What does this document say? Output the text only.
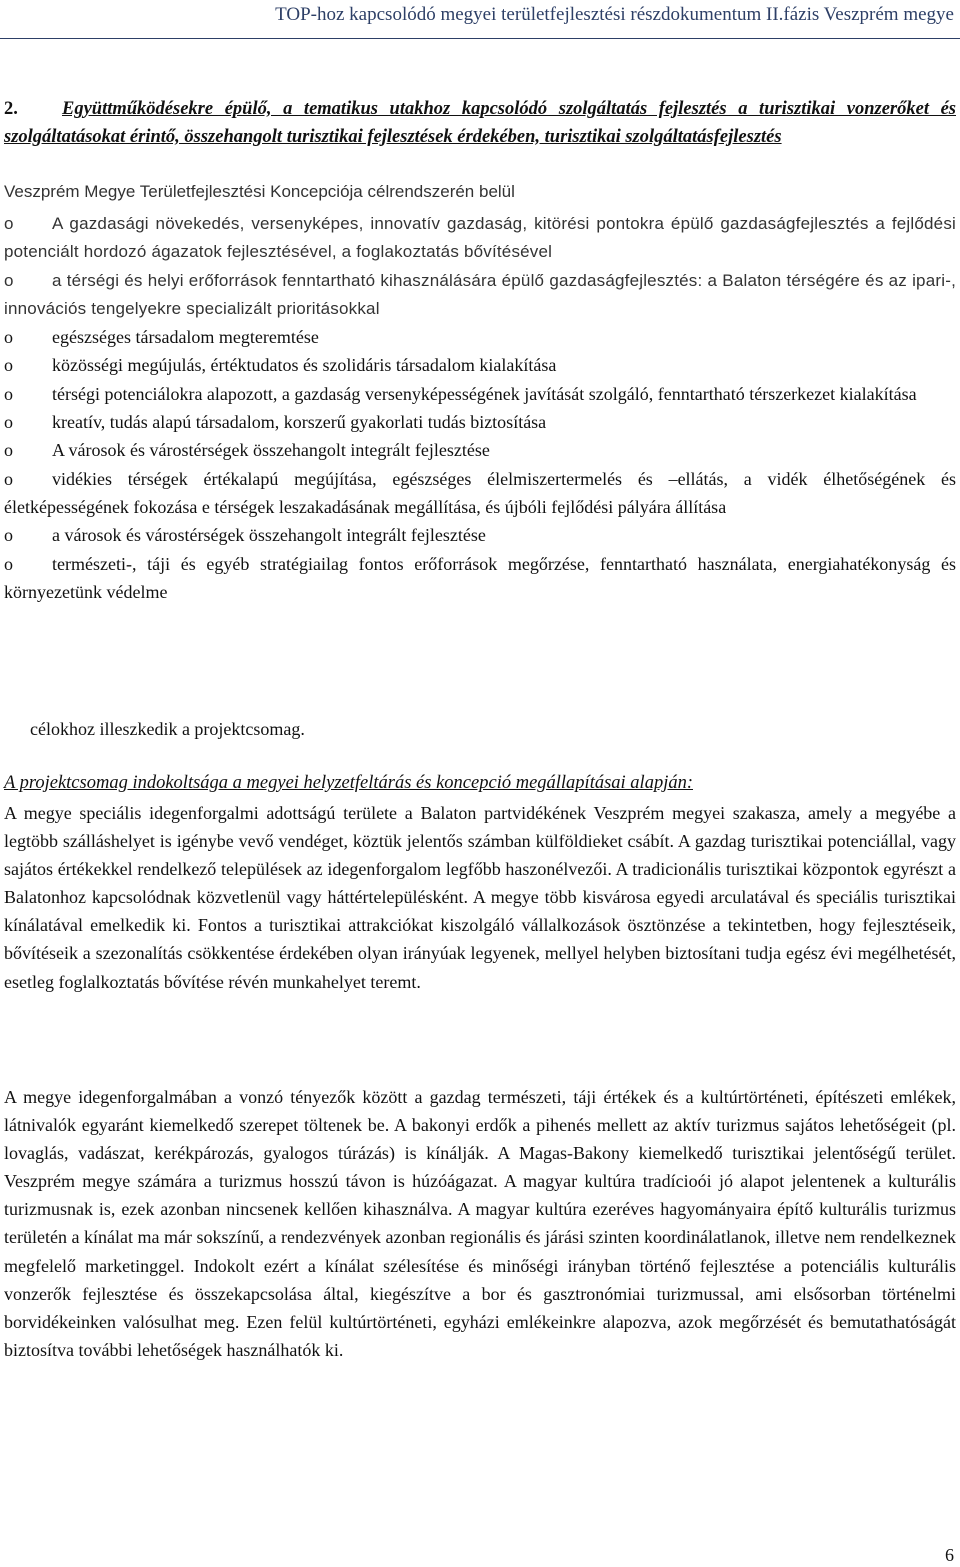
TOP-hoz kapcsolódó megyei területfejlesztési részdokumentum II.fázis Veszprém megye
2. Együttműködésekre épülő, a tematikus utakhoz kapcsolódó szolgáltatás fejlesztés a turisztikai vonzerőket és szolgáltatásokat érintő, összehangolt turisztikai fejlesztések érdekében, turisztikai szolgáltatásfejlesztés
Veszprém Megye Területfejlesztési Koncepciója célrendszerén belül
o A gazdasági növekedés, versenyképes, innovatív gazdaság, kitörési pontokra épülő gazdaságfejlesztés a fejlődési potenciált hordozó ágazatok fejlesztésével, a foglakoztatás bővítésével
o a térségi és helyi erőforrások fenntartható kihasználására épülő gazdaságfejlesztés: a Balaton térségére és az ipari-, innovációs tengelyekre specializált prioritásokkal
o egészséges társadalom megteremtése
o közösségi megújulás, értéktudatos és szolidáris társadalom kialakítása
o térségi potenciálokra alapozott, a gazdaság versenyképességének javítását szolgáló, fenntartható térszerkezet kialakítása
o kreatív, tudás alapú társadalom, korszerű gyakorlati tudás biztosítása
o A városok és várostérségek összehangolt integrált fejlesztése
o vidékies térségek értékalapú megújítása, egészséges élelmiszertermelés és –ellátás, a vidék élhetőségének és életképességének fokozása e térségek leszakadásának megállítása, és újbóli fejlődési pályára állítása
o a városok és várostérségek összehangolt integrált fejlesztése
o természeti-, táji és egyéb stratégiailag fontos erőforrások megőrzése, fenntartható használata, energiahatékonyság és környezetünk védelme
célokhoz illeszkedik a projektcsomag.
A projektcsomag indokoltsága a megyei helyzetfeltárás és koncepció megállapításai alapján:

A megye speciális idegenforgalmi adottságú területe a Balaton partvidékének Veszprém megyei szakasza, amely a megyébe a legtöbb szálláshelyet is igénybe vevő vendéget, köztük jelentős számban külföldieket csábít. A gazdag turisztikai potenciállal, vagy sajátos értékekkel rendelkező települések az idegenforgalom legfőbb haszonélvezői. A tradicionális turisztikai központok egyrészt a Balatonhoz kapcsolódnak közvetlenül vagy háttértelepülésként. A megye több kisvárosa egyedi arculatával és speciális turisztikai kínálatával emelkedik ki. Fontos a turisztikai attrakciókat kiszolgáló vállalkozások ösztönzése a tekintetben, hogy fejlesztéseik, bővítéseik a szezonalítás csökkentése érdekében olyan irányúak legyenek, mellyel helyben biztosítani tudja egész évi megélhetését, esetleg foglalkoztatás bővítése révén munkahelyet teremt.

A megye idegenforgalmában a vonzó tényezők között a gazdag természeti, táji értékek és a kultúrtörténeti, építészeti emlékek, látnivalók egyaránt kiemelkedő szerepet töltenek be. A bakonyi erdők a pihenés mellett az aktív turizmus sajátos lehetőségeit (pl. lovaglás, vadászat, kerékpározás, gyalogos túrázás) is kínálják. A Magas-Bakony kiemelkedő turisztikai jelentőségű terület. Veszprém megye számára a turizmus hosszú távon is húzóágazat. A magyar kultúra tradícioói jó alapot jelentenek a kulturális turizmusnak is, ezek azonban nincsenek kellően kihasználva. A magyar kultúra ezeréves hagyományaira építő kulturális turizmus területén a kínálat ma már sokszínű, a rendezvények azonban regionális és járási szinten koordinálatlanok, illetve nem rendelkeznek megfelelő marketinggel. Indokolt ezért a kínálat szélesítése és minőségi irányban történő fejlesztése a potenciális kulturális vonzerők fejlesztése és összekapcsolása által, kiegészítve a bor és gasztronómiai turizmussal, ami elsősorban történelmi borvidékeinken valósulhat meg. Ezen felül kultúrtörténeti, egyházi emlékeinkre alapozva, azok megőrzését és bemutathatóságát biztosítva további lehetőségek használhatók ki.

6
